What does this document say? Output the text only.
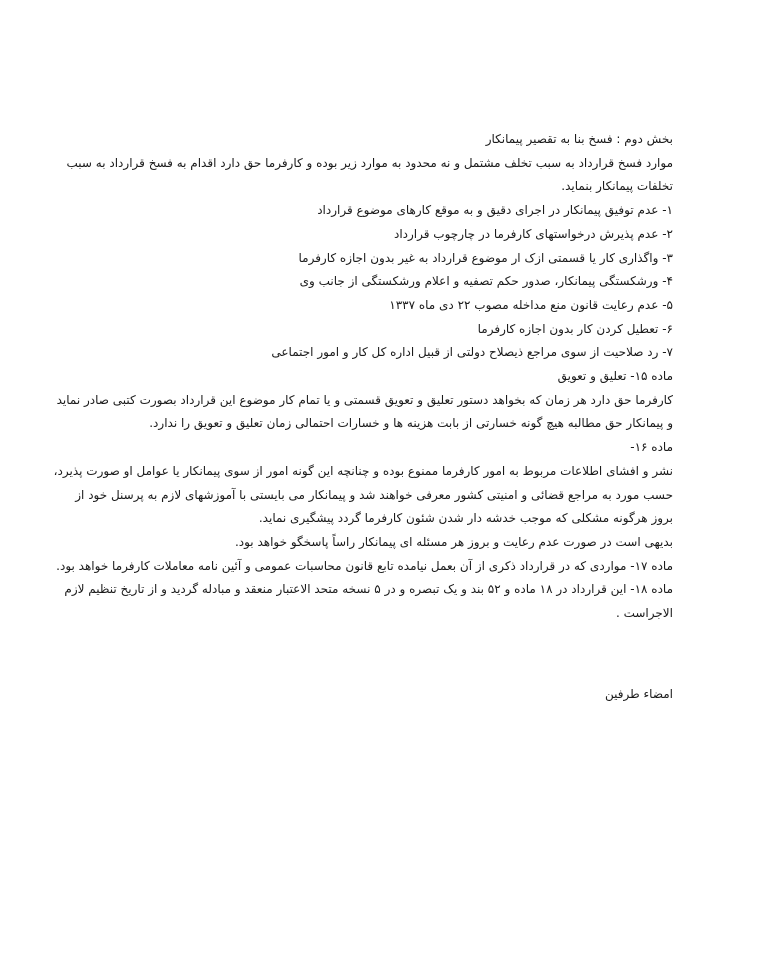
بخش دوم : فسخ بنا به تقصیر پیمانکار
موارد فسخ قرارداد به سبب تخلف مشتمل و نه محدود به موارد زیر بوده و کارفرما حق دارد اقدام به فسخ قرارداد به سبب تخلفات پیمانکار بنماید.
۱- عدم توفیق پیمانکار در اجرای دقیق و به موقع کارهای موضوع قرارداد
۲- عدم پذیرش درخواستهای کارفرما در چارچوب قرارداد
۳- واگذاری کار یا قسمتی ازک ار موضوع قرارداد به غیر بدون اجازه کارفرما
۴- ورشکستگی پیمانکار، صدور حکم تصفیه و اعلام ورشکستگی از جانب وی
۵- عدم رعایت قانون منع مداخله مصوب ۲۲ دی ماه ۱۳۳۷
۶- تعطیل کردن کار بدون اجازه کارفرما
۷- رد صلاحیت از سوی مراجع ذیصلاح دولتی از قبیل اداره کل کار و امور اجتماعی
ماده ۱۵- تعلیق و تعویق
کارفرما حق دارد هر زمان که بخواهد دستور تعلیق و تعویق قسمتی و یا تمام کار موضوع این قرارداد بصورت کتبی صادر نماید و پیمانکار حق مطالبه هیچ گونه خسارتی از بابت هزینه ها و خسارات احتمالی زمان تعلیق و تعویق را ندارد.
ماده ۱۶-
نشر و افشای اطلاعات مربوط به امور کارفرما ممنوع بوده و چنانچه این گونه امور از سوی پیمانکار یا عوامل او صورت پذیرد، حسب مورد به مراجع قضائی و امنیتی کشور معرفی خواهند شد و پیمانکار می بایستی با آموزشهای لازم به پرسنل خود از بروز هرگونه مشکلی که موجب خدشه دار شدن شئون کارفرما گردد پیشگیری نماید.
بدیهی است در صورت عدم رعایت و بروز هر مسئله ای پیمانکار راساً پاسخگو خواهد بود.
ماده ۱۷- مواردی که در قرارداد ذکری از آن بعمل نیامده تابع قانون محاسبات عمومی و آئین نامه معاملات کارفرما خواهد بود.
ماده ۱۸- این قرارداد در ۱۸ ماده و ۵۲ بند و یک تبصره و در ۵ نسخه متحد الاعتبار منعقد و مبادله گردید و از تاریخ تنظیم لازم الاجراست .
امضاء طرفین
